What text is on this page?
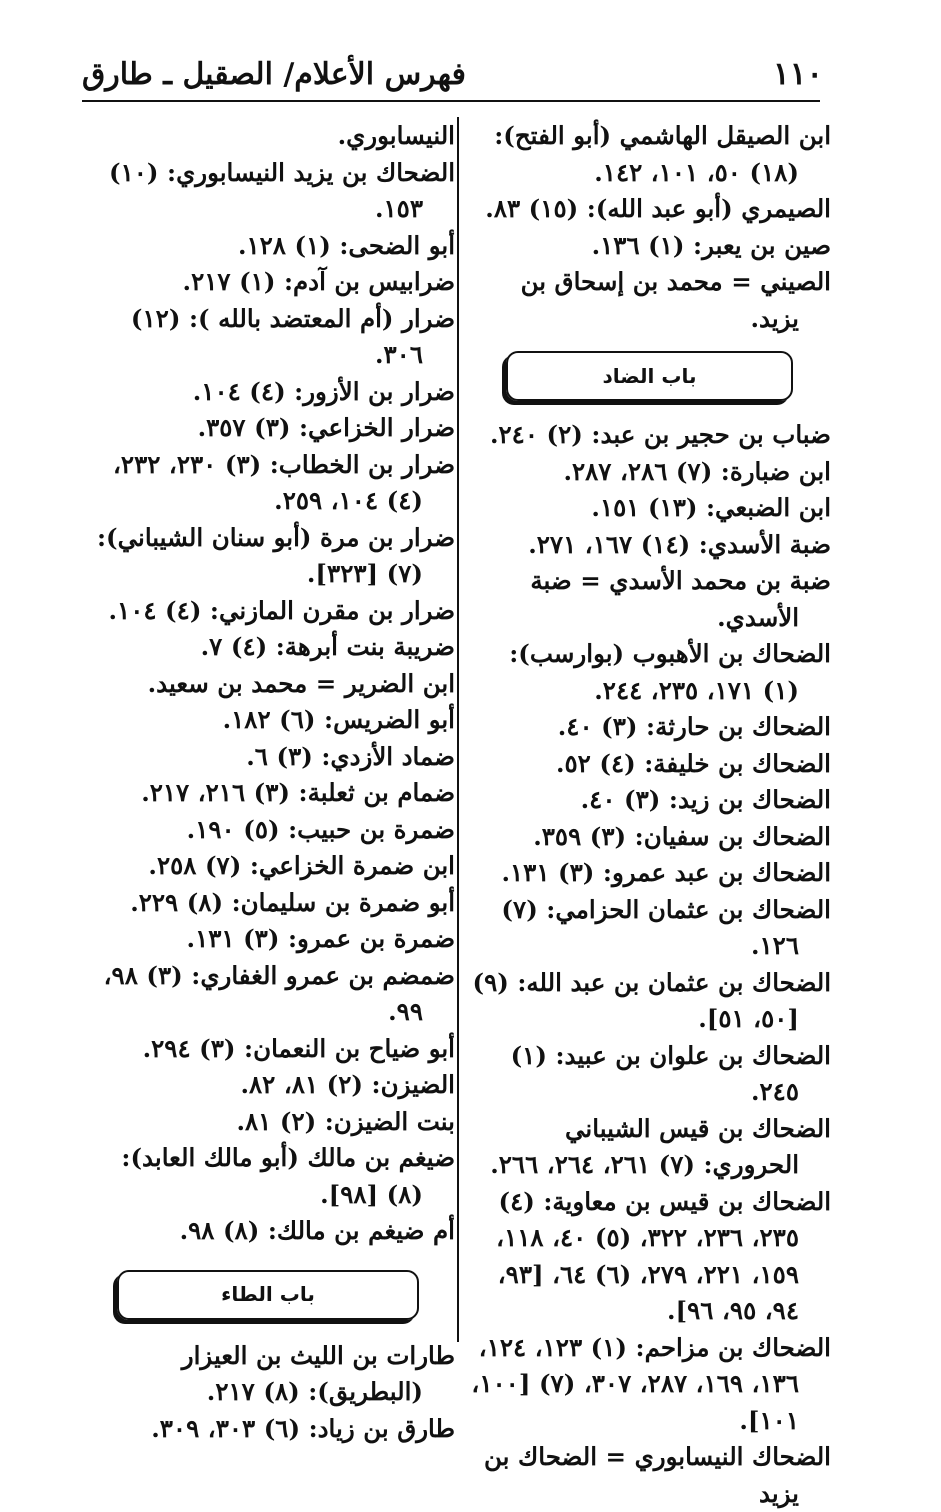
١١٠
فهرس الأعلام/ الصقيل ـ طارق

ابن الصيقل الهاشمي (أبو الفتح): (١٨) ٥٠، ١٠١، ١٤٢.

الصيمري (أبو عبد الله): (١٥) ٨٣.

صين بن يعبر: (١) ١٣٦.

الصيني = محمد بن إسحاق بن يزيد.

باب الضاد

ضباب بن حجير بن عبد: (٢) ٢٤٠.

ابن ضبارة: (٧) ٢٨٦، ٢٨٧.

ابن الضبعي: (١٣) ١٥١.

ضبة الأسدي: (١٤) ١٦٧، ٢٧١.

ضبة بن محمد الأسدي = ضبة الأسدي.

الضحاك بن الأهبوب (بوارسب): (١) ١٧١، ٢٣٥، ٢٤٤.

الضحاك بن حارثة: (٣) ٤٠.

الضحاك بن خليفة: (٤) ٥٢.

الضحاك بن زيد: (٣) ٤٠.

الضحاك بن سفيان: (٣) ٣٥٩.

الضحاك بن عبد عمرو: (٣) ١٣١.

الضحاك بن عثمان الحزامي: (٧) ١٢٦.

الضحاك بن عثمان بن عبد الله: (٩) [٥٠، ٥١].

الضحاك بن علوان بن عبيد: (١) ٢٤٥.

الضحاك بن قيس الشيباني الحروري: (٧) ٢٦١، ٢٦٤، ٢٦٦.

الضحاك بن قيس بن معاوية: (٤) ٢٣٥، ٢٣٦، ٣٢٢، (٥) ٤٠، ١١٨، ١٥٩، ٢٢١، ٢٧٩، (٦) ٦٤، [٩٣، ٩٤، ٩٥، ٩٦].

الضحاك بن مزاحم: (١) ١٢٣، ١٢٤، ١٣٦، ١٦٩، ٢٨٧، ٣٠٧، (٧) [١٠٠، ١٠١].

الضحاك النيسابوري = الضحاك بن يزيد

النيسابوري.

الضحاك بن يزيد النيسابوري: (١٠) ١٥٣.

أبو الضحى: (١) ١٢٨.

ضرابيس بن آدم: (١) ٢١٧.

ضرار (أم المعتضد بالله ): (١٢) ٣٠٦.

ضرار بن الأزور: (٤) ١٠٤.

ضرار الخزاعي: (٣) ٣٥٧.

ضرار بن الخطاب: (٣) ٢٣٠، ٢٣٢، (٤) ١٠٤، ٢٥٩.

ضرار بن مرة (أبو سنان الشيباني): (٧) [٣٢٣].

ضرار بن مقرن المازني: (٤) ١٠٤.

ضريبة بنت أبرهة: (٤) ٧.

ابن الضرير = محمد بن سعيد.

أبو الضريس: (٦) ١٨٢.

ضماد الأزدي: (٣) ٦.

ضمام بن ثعلبة: (٣) ٢١٦، ٢١٧.

ضمرة بن حبيب: (٥) ١٩٠.

ابن ضمرة الخزاعي: (٧) ٢٥٨.

أبو ضمرة بن سليمان: (٨) ٢٢٩.

ضمرة بن عمرو: (٣) ١٣١.

ضمضم بن عمرو الغفاري: (٣) ٩٨، ٩٩.

أبو ضياح بن النعمان: (٣) ٢٩٤.

الضيزن: (٢) ٨١، ٨٢.

بنت الضيزن: (٢) ٨١.

ضيغم بن مالك (أبو مالك العابد): (٨) [٩٨].

أم ضيغم بن مالك: (٨) ٩٨.

باب الطاء

طارات بن الليث بن العيزار (البطريق): (٨) ٢١٧.

طارق بن زياد: (٦) ٣٠٣، ٣٠٩.
